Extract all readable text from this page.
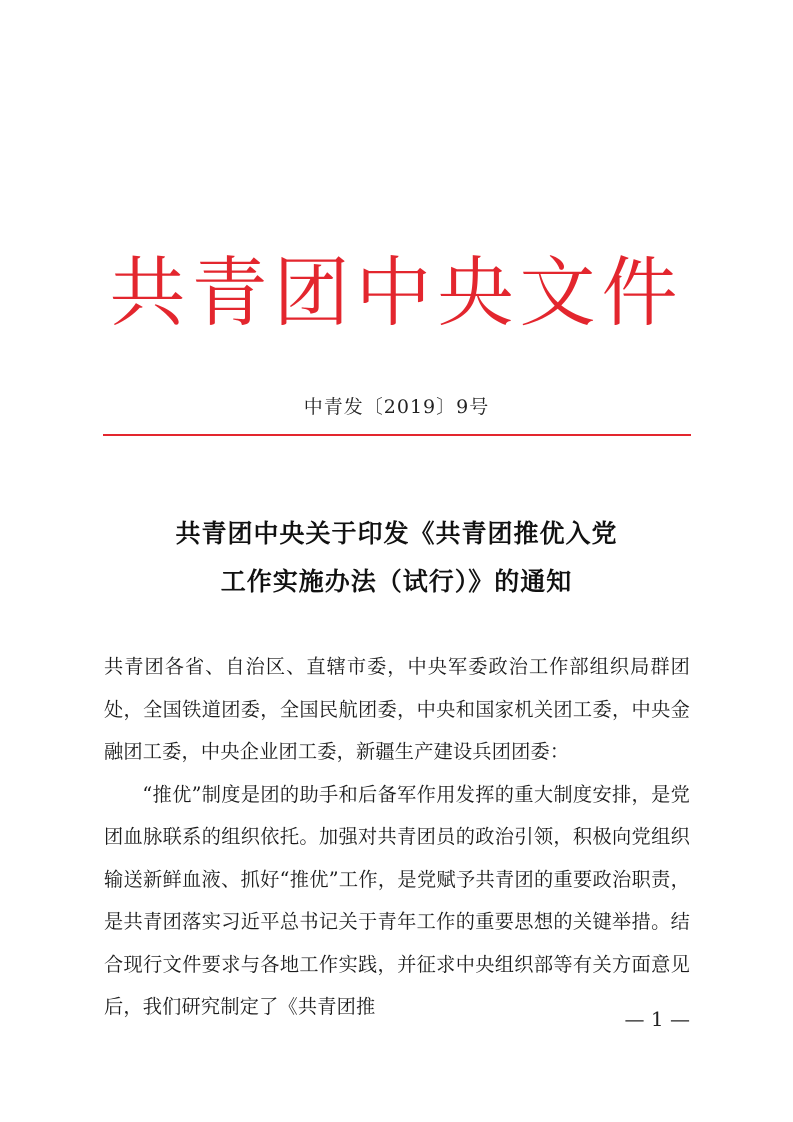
共青团中央文件
中青发〔2019〕9号
共青团中央关于印发《共青团推优入党
工作实施办法（试行）》的通知

共青团各省、自治区、直辖市委，中央军委政治工作部组织局群团处，全国铁道团委，全国民航团委，中央和国家机关团工委，中央金融团工委，中央企业团工委，新疆生产建设兵团团委：

“推优”制度是团的助手和后备军作用发挥的重大制度安排，是党团血脉联系的组织依托。加强对共青团员的政治引领，积极向党组织输送新鲜血液、抓好“推优”工作，是党赋予共青团的重要政治职责，是共青团落实习近平总书记关于青年工作的重要思想的关键举措。结合现行文件要求与各地工作实践，并征求中央组织部等有关方面意见后，我们研究制定了《共青团推

— 1 —
